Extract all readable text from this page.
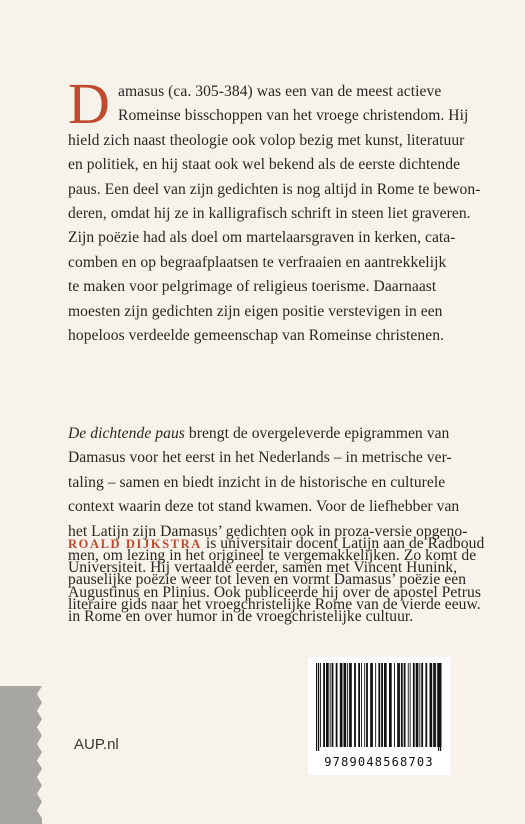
D amasus (ca. 305-384) was een van de meest actieve
Romeinse bisschoppen van het vroege christendom. Hij
hield zich naast theologie ook volop bezig met kunst, literatuur
en politiek, en hij staat ook wel bekend als de eerste dichtende
paus. Een deel van zijn gedichten is nog altijd in Rome te bewon-
deren, omdat hij ze in kalligrafisch schrift in steen liet graveren.
Zijn poëzie had als doel om martelaarsgraven in kerken, cata-
comben en op begraafplaatsen te verfraaien en aantrekkelijk
te maken voor pelgrimage of religieus toerisme. Daarnaast
moesten zijn gedichten zijn eigen positie verstevigen in een
hopeloos verdeelde gemeenschap van Romeinse christenen.
De dichtende paus brengt de overgeleverde epigrammen van
Damasus voor het eerst in het Nederlands – in metrische ver-
taling – samen en biedt inzicht in de historische en culturele
context waarin deze tot stand kwamen. Voor de liefhebber van
het Latijn zijn Damasus’ gedichten ook in proza-versie opgeno-
men, om lezing in het origineel te vergemakkelijken. Zo komt de
pauselijke poëzie weer tot leven en vormt Damasus’ poëzie een
literaire gids naar het vroegchristelijke Rome van de vierde eeuw.
ROALD DIJKSTRA is universitair docent Latijn aan de Radboud
Universiteit. Hij vertaalde eerder, samen met Vincent Hunink,
Augustinus en Plinius. Ook publiceerde hij over de apostel Petrus
in Rome en over humor in de vroegchristelijke cultuur.
AUP.nl
9789048568703
